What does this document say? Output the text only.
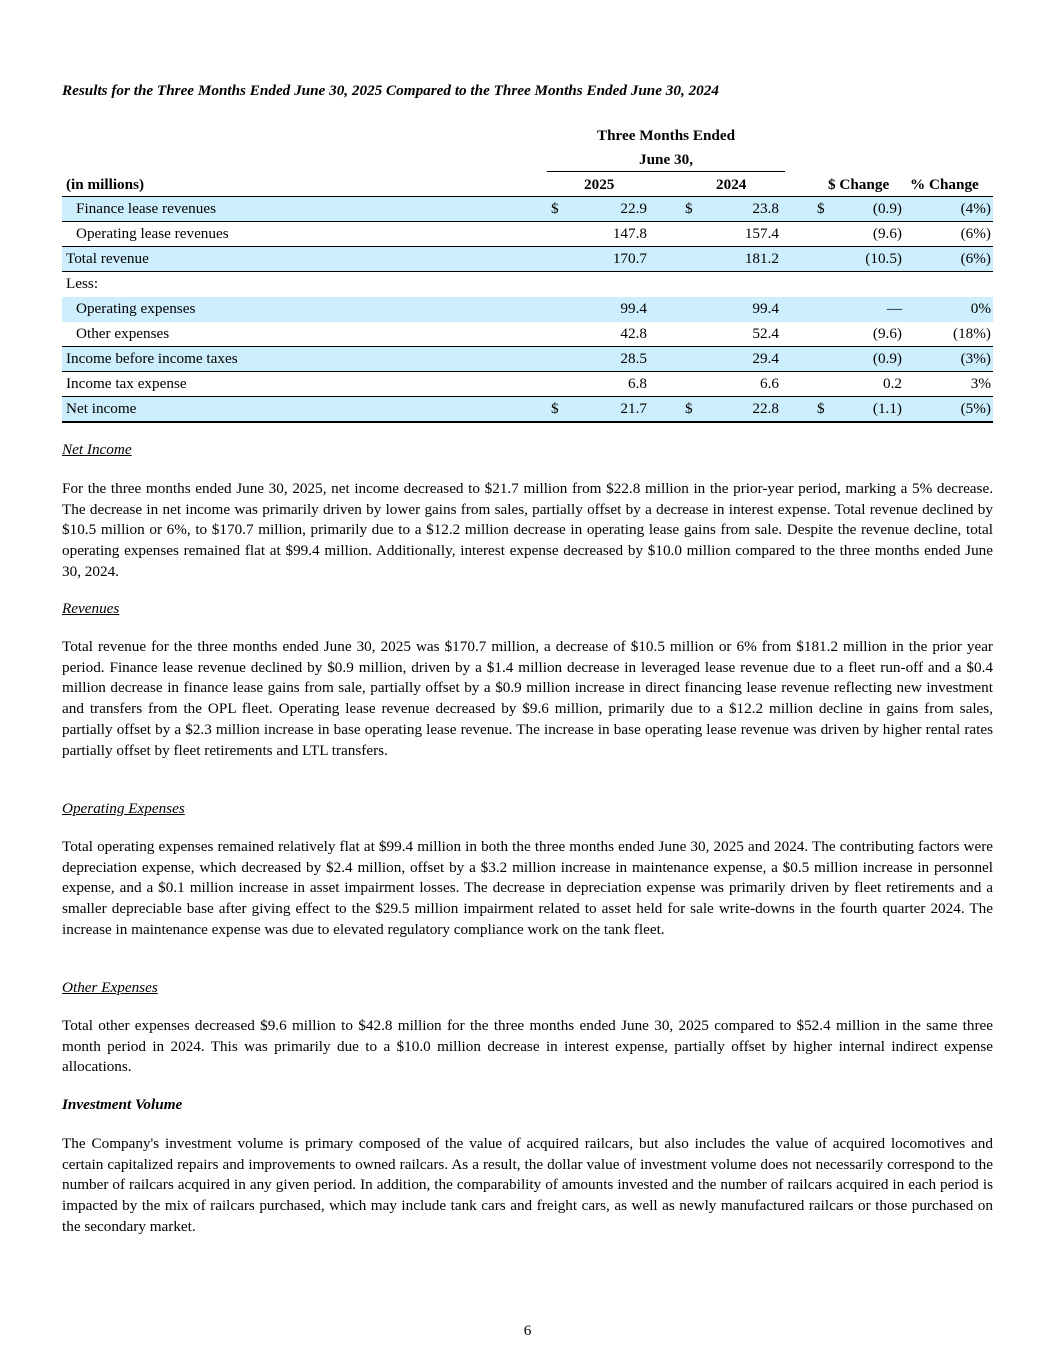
Results for the Three Months Ended June 30, 2025 Compared to the Three Months Ended June 30, 2024
Three Months Ended
June 30,
(in millions)	2025	2024	$ Change % Change
Finance lease revenues	$	22.9	$	23.8	$	(0.9)	(4%)
Operating lease revenues	147.8	157.4	(9.6)	(6%)
Total revenue	170.7	181.2	(10.5)	(6%)
Less:
Operating expenses	99.4	99.4	—	0%
Other expenses	42.8	52.4	(9.6)	(18%)
Income before income taxes	28.5	29.4	(0.9)	(3%)
Income tax expense	6.8	6.6	0.2	3%
Net income	$	21.7	$	22.8	$	(1.1)	(5%)
Net Income

For the three months ended June 30, 2025, net income decreased to $21.7 million from $22.8 million in the prior-year period, marking a 5% decrease. The decrease in net income was primarily driven by lower gains from sales, partially offset by a decrease in interest expense. Total revenue declined by $10.5 million or 6%, to $170.7 million, primarily due to a $12.2 million decrease in operating lease gains from sale. Despite the revenue decline, total operating expenses remained flat at $99.4 million. Additionally, interest expense decreased by $10.0 million compared to the three months ended June 30, 2024.

Revenues

Total revenue for the three months ended June 30, 2025 was $170.7 million, a decrease of $10.5 million or 6% from $181.2 million in the prior year period. Finance lease revenue declined by $0.9 million, driven by a $1.4 million decrease in leveraged lease revenue due to a fleet run-off and a $0.4 million decrease in finance lease gains from sale, partially offset by a $0.9 million increase in direct financing lease revenue reflecting new investment and transfers from the OPL fleet. Operating lease revenue decreased by $9.6 million, primarily due to a $12.2 million decline in gains from sales, partially offset by a $2.3 million increase in base operating lease revenue. The increase in base operating lease revenue was driven by higher rental rates partially offset by fleet retirements and LTL transfers.

Operating Expenses

Total operating expenses remained relatively flat at $99.4 million in both the three months ended June 30, 2025 and 2024. The contributing factors were depreciation expense, which decreased by $2.4 million, offset by a $3.2 million increase in maintenance expense, a $0.5 million increase in personnel expense, and a $0.1 million increase in asset impairment losses. The decrease in depreciation expense was primarily driven by fleet retirements and a smaller depreciable base after giving effect to the $29.5 million impairment related to asset held for sale write-downs in the fourth quarter 2024. The increase in maintenance expense was due to elevated regulatory compliance work on the tank fleet.

Other Expenses

Total other expenses decreased $9.6 million to $42.8 million for the three months ended June 30, 2025 compared to $52.4 million in the same three month period in 2024. This was primarily due to a $10.0 million decrease in interest expense, partially offset by higher internal indirect expense allocations.

Investment Volume

The Company's investment volume is primary composed of the value of acquired railcars, but also includes the value of acquired locomotives and certain capitalized repairs and improvements to owned railcars. As a result, the dollar value of investment volume does not necessarily correspond to the number of railcars acquired in any given period. In addition, the comparability of amounts invested and the number of railcars acquired in each period is impacted by the mix of railcars purchased, which may include tank cars and freight cars, as well as newly manufactured railcars or those purchased on the secondary market.

6
